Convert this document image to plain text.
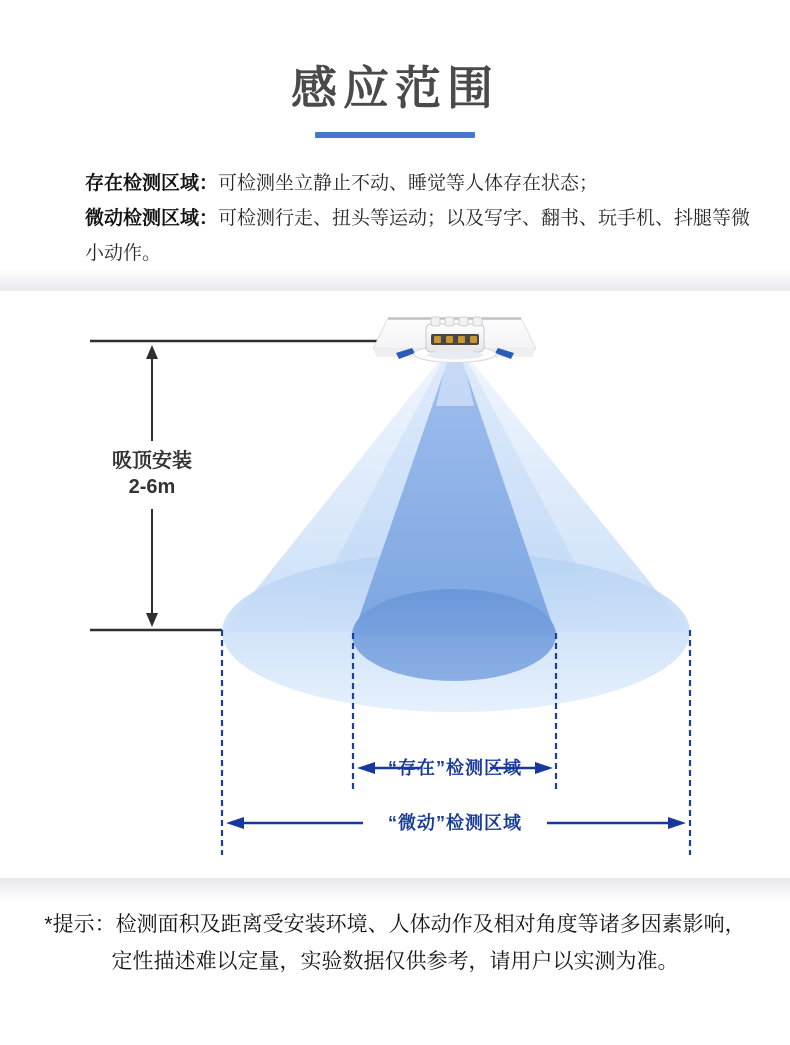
感应范围
存在检测区域：可检测坐立静止不动、睡觉等人体存在状态；
微动检测区域：可检测行走、扭头等运动；以及写字、翻书、玩手机、抖腿等微小动作。
吸顶安装
2-6m
“存在”检测区域
“微动”检测区域
*提示：检测面积及距离受安装环境、人体动作及相对角度等诸多因素影响，
定性描述难以定量，实验数据仅供参考，请用户以实测为准。
